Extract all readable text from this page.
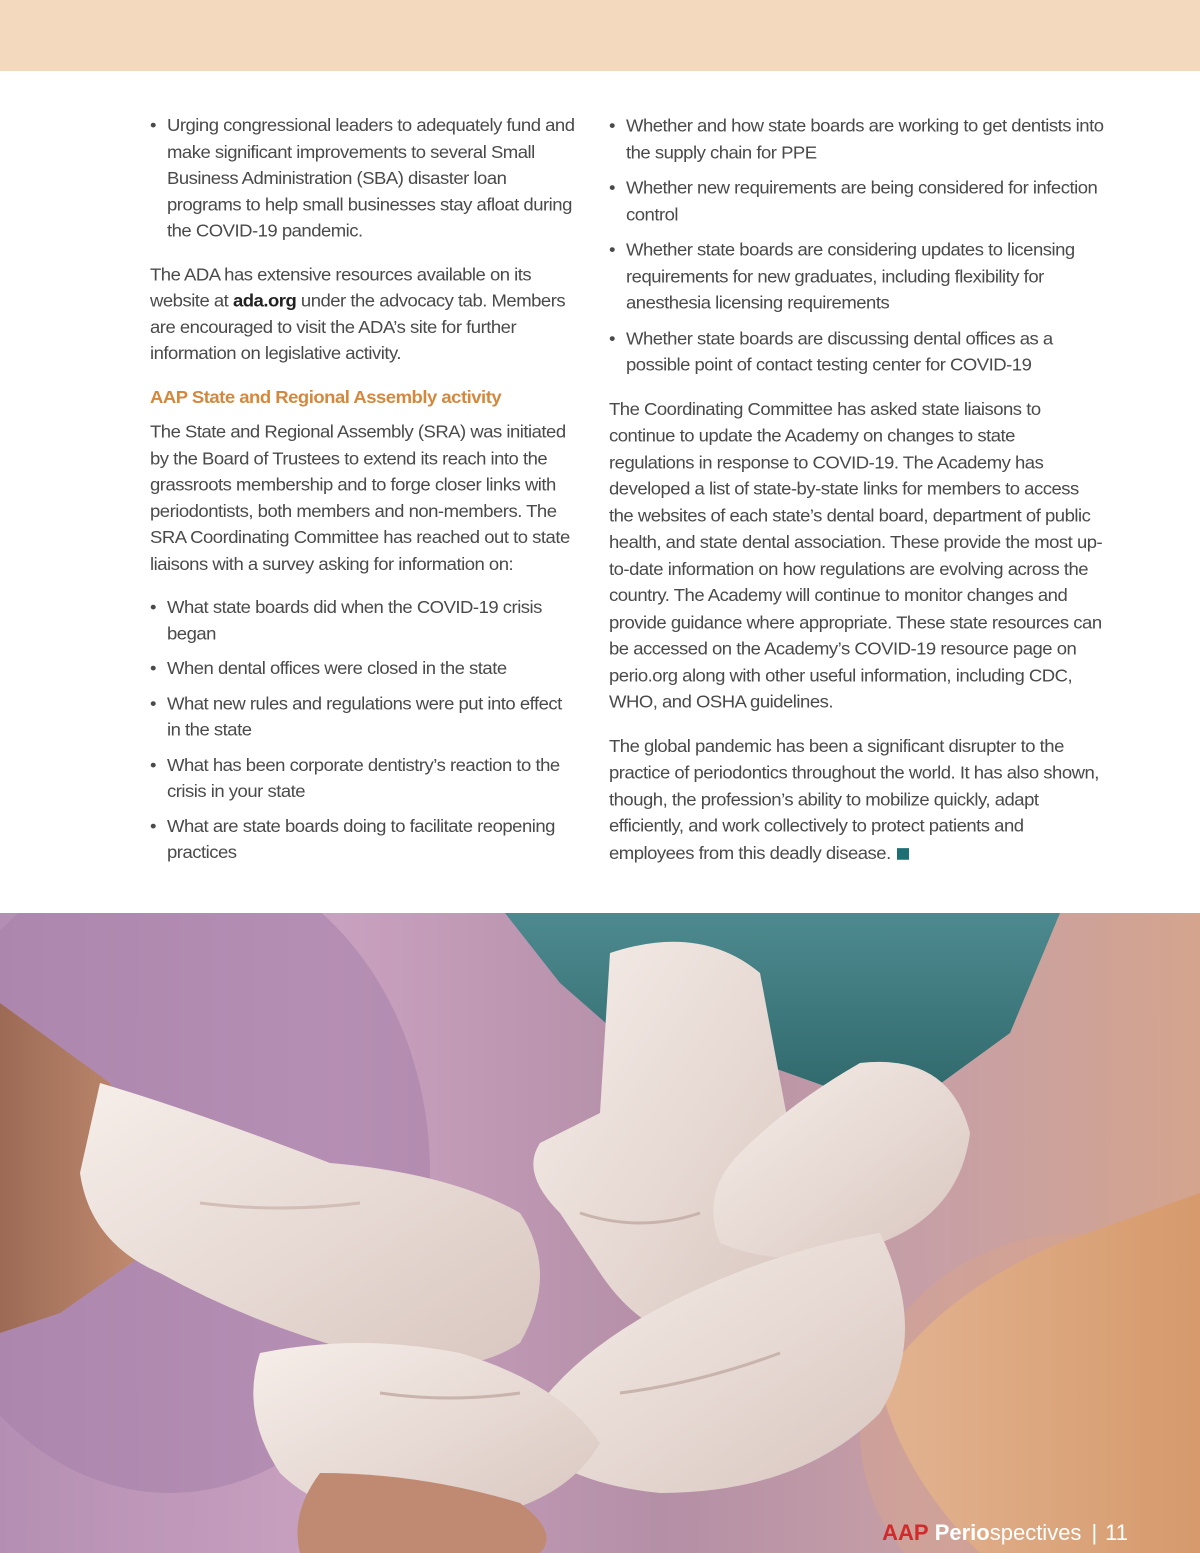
• Urging congressional leaders to adequately fund and make significant improvements to several Small Business Administration (SBA) disaster loan programs to help small businesses stay afloat during the COVID-19 pandemic.

The ADA has extensive resources available on its website at ada.org under the advocacy tab. Members are encouraged to visit the ADA’s site for further information on legislative activity.

AAP State and Regional Assembly activity

The State and Regional Assembly (SRA) was initiated by the Board of Trustees to extend its reach into the grassroots membership and to forge closer links with periodontists, both members and non-members. The SRA Coordinating Committee has reached out to state liaisons with a survey asking for information on:

• What state boards did when the COVID-19 crisis began
• When dental offices were closed in the state
• What new rules and regulations were put into effect in the state
• What has been corporate dentistry’s reaction to the crisis in your state
• What are state boards doing to facilitate reopening practices
• Whether and how state boards are working to get dentists into the supply chain for PPE
• Whether new requirements are being considered for infection control
• Whether state boards are considering updates to licensing requirements for new graduates, including flexibility for anesthesia licensing requirements
• Whether state boards are discussing dental offices as a possible point of contact testing center for COVID-19

The Coordinating Committee has asked state liaisons to continue to update the Academy on changes to state regulations in response to COVID-19. The Academy has developed a list of state-by-state links for members to access the websites of each state’s dental board, department of public health, and state dental association. These provide the most up-to-date information on how regulations are evolving across the country. The Academy will continue to monitor changes and provide guidance where appropriate. These state resources can be accessed on the Academy’s COVID-19 resource page on perio.org along with other useful information, including CDC, WHO, and OSHA guidelines.

The global pandemic has been a significant disrupter to the practice of periodontics throughout the world. It has also shown, though, the profession’s ability to mobilize quickly, adapt efficiently, and work collectively to protect patients and employees from this deadly disease.

AAP Periospectives | 11
